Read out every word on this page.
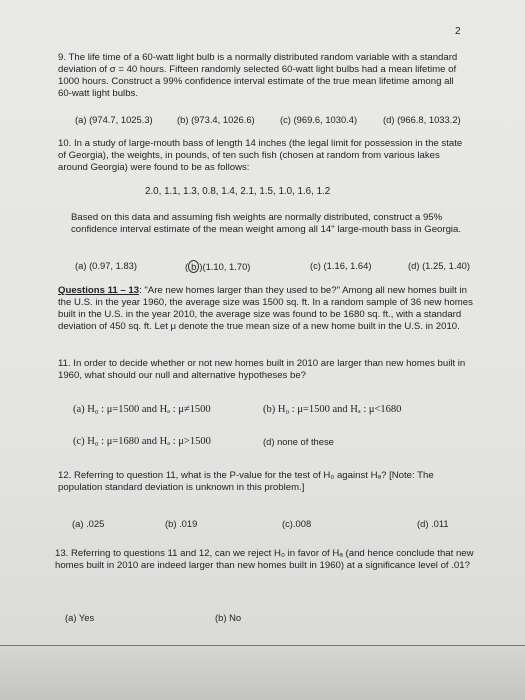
2
9. The life time of a 60-watt light bulb is a normally distributed random variable with a standard deviation of σ = 40 hours. Fifteen randomly selected 60-watt light bulbs had a mean lifetime of 1000 hours. Construct a 99% confidence interval estimate of the true mean lifetime among all 60-watt light bulbs.
(a) (974.7, 1025.3)	(b) (973.4, 1026.6)	(c) (969.6, 1030.4)	(d) (966.8, 1033.2)
10. In a study of large-mouth bass of length 14 inches (the legal limit for possession in the state of Georgia), the weights, in pounds, of ten such fish (chosen at random from various lakes around Georgia) were found to be as follows:
2.0, 1.1, 1.3, 0.8, 1.4, 2.1, 1.5, 1.0, 1.6, 1.2
Based on this data and assuming fish weights are normally distributed, construct a 95% confidence interval estimate of the mean weight among all 14" large-mouth bass in Georgia.
(a) (0.97, 1.83)	( b )(1.10, 1.70)	(c) (1.16, 1.64)	(d) (1.25, 1.40)
Questions 11 – 13: "Are new homes larger than they used to be?" Among all new homes built in the U.S. in the year 1960, the average size was 1500 sq. ft. In a random sample of 36 new homes built in the U.S. in the year 2010, the average size was found to be 1680 sq. ft., with a standard deviation of 450 sq. ft. Let μ denote the true mean size of a new home built in the U.S. in 2010.
11. In order to decide whether or not new homes built in 2010 are larger than new homes built in 1960, what should our null and alternative hypotheses be?
(a) H₀ : μ=1500 and Hₐ : μ≠1500	(b) H₀ : μ=1500 and Hₐ : μ<1680
(c) H₀ : μ=1680 and Hₐ : μ>1500	(d) none of these
12. Referring to question 11, what is the P-value for the test of H₀ against Hₐ? [Note: The population standard deviation is unknown in this problem.]
(a) .025	(b) .019	(c).008	(d) .011
13. Referring to questions 11 and 12, can we reject H₀ in favor of Hₐ (and hence conclude that new homes built in 2010 are indeed larger than new homes built in 1960) at a significance level of .01?
(a) Yes	(b) No
